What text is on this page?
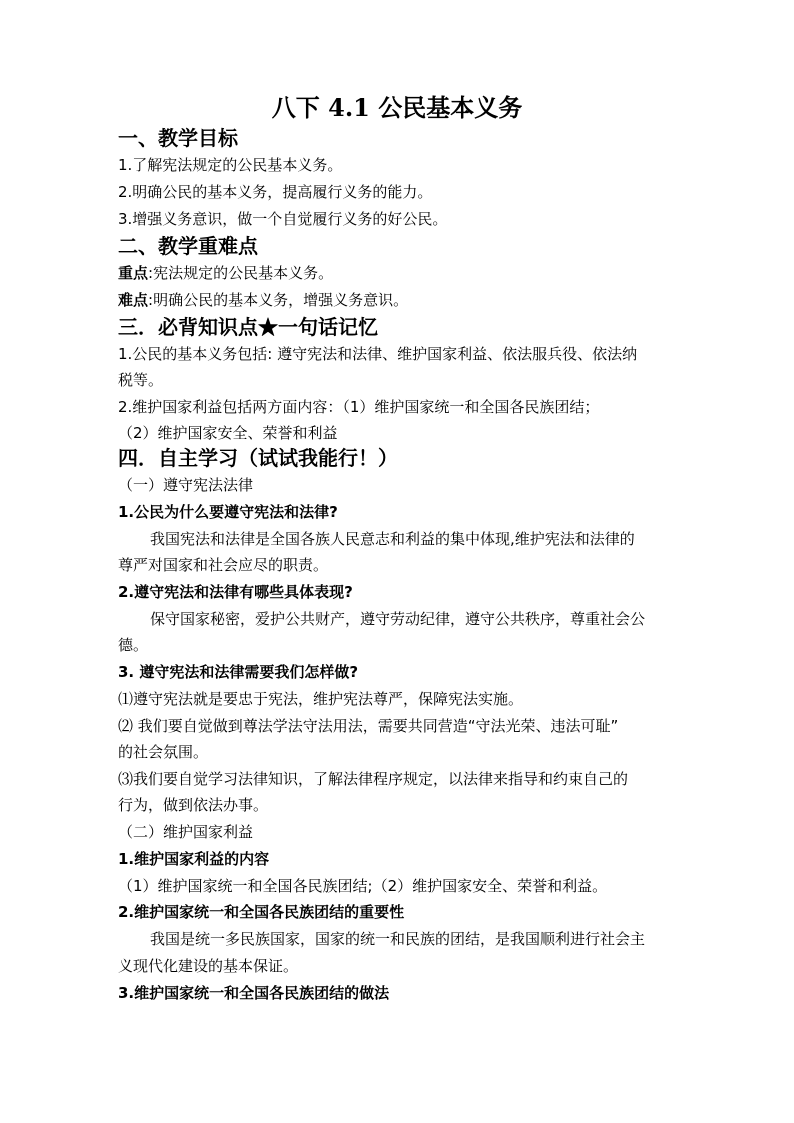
八下 4.1 公民基本义务
一、教学目标
1.了解宪法规定的公民基本义务。
2.明确公民的基本义务，提高履行义务的能力。
3.增强义务意识，做一个自觉履行义务的好公民。
二、教学重难点
重点:宪法规定的公民基本义务。
难点:明确公民的基本义务，增强义务意识。
三．必背知识点★一句话记忆
1.公民的基本义务包括: 遵守宪法和法律、维护国家利益、依法服兵役、依法纳
税等。
2.维护国家利益包括两方面内容：（1）维护国家统一和全国各民族团结；
（2）维护国家安全、荣誉和利益
四．自主学习（试试我能行！）
（一）遵守宪法法律
1.公民为什么要遵守宪法和法律?
我国宪法和法律是全国各族人民意志和利益的集中体现,维护宪法和法律的
尊严对国家和社会应尽的职责。
2.遵守宪法和法律有哪些具体表现?
保守国家秘密，爱护公共财产，遵守劳动纪律，遵守公共秩序，尊重社会公
德。
3. 遵守宪法和法律需要我们怎样做?
⑴遵守宪法就是要忠于宪法，维护宪法尊严，保障宪法实施。
⑵ 我们要自觉做到尊法学法守法用法，需要共同营造“守法光荣、违法可耻”
的社会氛围。
⑶我们要自觉学习法律知识，了解法律程序规定，以法律来指导和约束自己的
行为，做到依法办事。
（二）维护国家利益
1.维护国家利益的内容
（1）维护国家统一和全国各民族团结;（2）维护国家安全、荣誉和利益。
2.维护国家统一和全国各民族团结的重要性
我国是统一多民族国家，国家的统一和民族的团结，是我国顺利进行社会主
义现代化建设的基本保证。
3.维护国家统一和全国各民族团结的做法
